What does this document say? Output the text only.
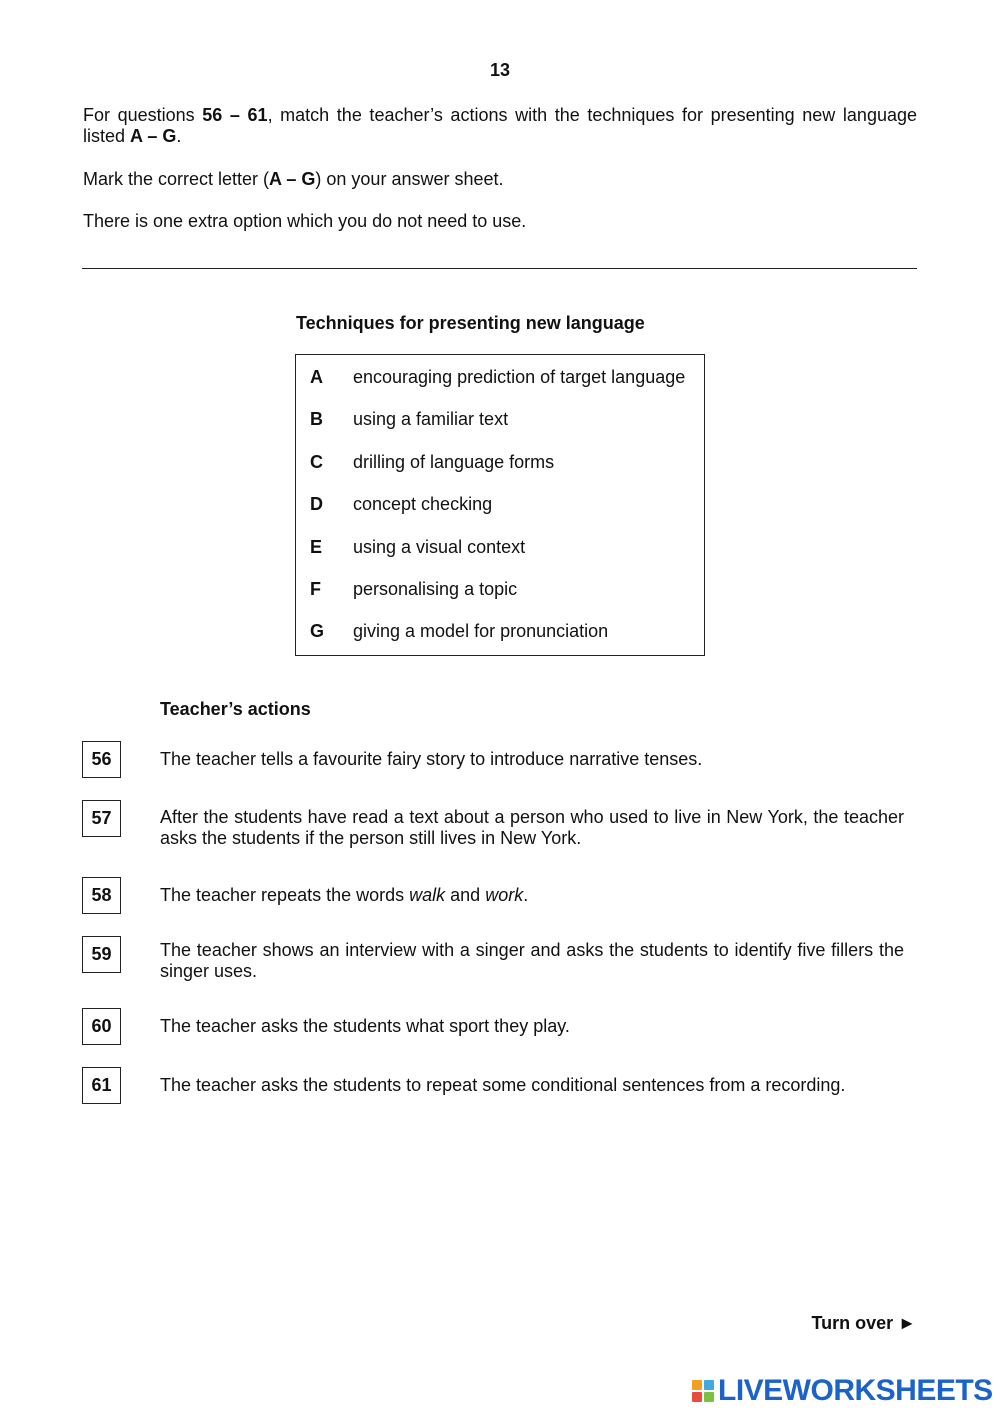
13
For questions 56 – 61, match the teacher’s actions with the techniques for presenting new language listed A – G.
Mark the correct letter (A – G) on your answer sheet.
There is one extra option which you do not need to use.
Techniques for presenting new language
A encouraging prediction of target language
B using a familiar text
C drilling of language forms
D concept checking
E using a visual context
F personalising a topic
G giving a model for pronunciation
Teacher’s actions
56	The teacher tells a favourite fairy story to introduce narrative tenses.
57	After the students have read a text about a person who used to live in New York, the teacher asks the students if the person still lives in New York.
58	The teacher repeats the words walk and work.
59	The teacher shows an interview with a singer and asks the students to identify five fillers the singer uses.
60	The teacher asks the students what sport they play.
61	The teacher asks the students to repeat some conditional sentences from a recording.
Turn over ►
LIVEWORKSHEETS
